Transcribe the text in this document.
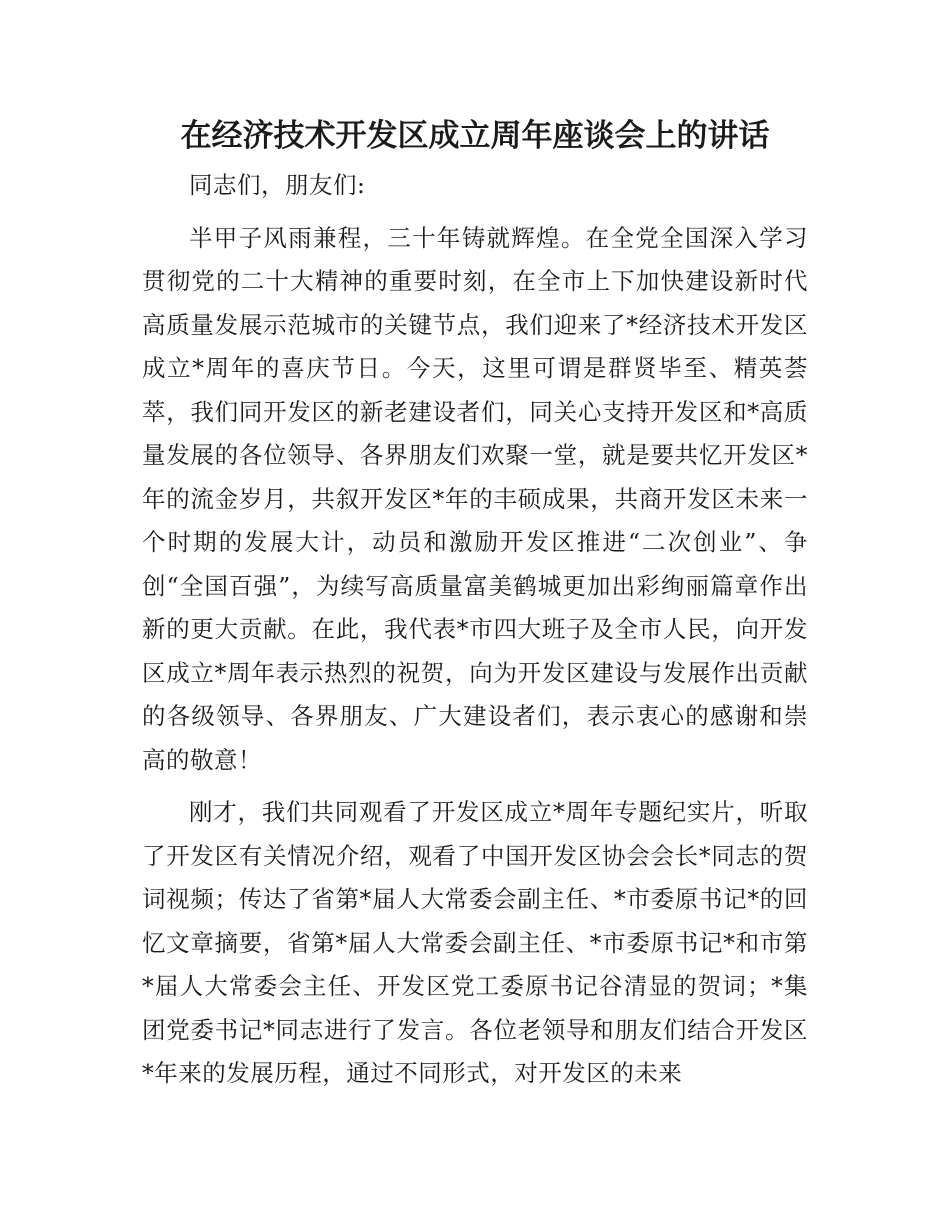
在经济技术开发区成立周年座谈会上的讲话

同志们，朋友们:

半甲子风雨兼程，三十年铸就辉煌。在全党全国深入学习贯彻党的二十大精神的重要时刻，在全市上下加快建设新时代高质量发展示范城市的关键节点，我们迎来了*经济技术开发区成立*周年的喜庆节日。今天，这里可谓是群贤毕至、精英荟萃，我们同开发区的新老建设者们，同关心支持开发区和*高质量发展的各位领导、各界朋友们欢聚一堂，就是要共忆开发区*年的流金岁月，共叙开发区*年的丰硕成果，共商开发区未来一个时期的发展大计，动员和激励开发区推进“二次创业”、争创“全国百强”，为续写高质量富美鹤城更加出彩绚丽篇章作出新的更大贡献。在此，我代表*市四大班子及全市人民，向开发区成立*周年表示热烈的祝贺，向为开发区建设与发展作出贡献的各级领导、各界朋友、广大建设者们，表示衷心的感谢和崇高的敬意！

刚才，我们共同观看了开发区成立*周年专题纪实片，听取了开发区有关情况介绍，观看了中国开发区协会会长*同志的贺词视频；传达了省第*届人大常委会副主任、*市委原书记*的回忆文章摘要，省第*届人大常委会副主任、*市委原书记*和市第*届人大常委会主任、开发区党工委原书记谷清显的贺词；*集团党委书记*同志进行了发言。各位老领导和朋友们结合开发区*年来的发展历程，通过不同形式，对开发区的未来
